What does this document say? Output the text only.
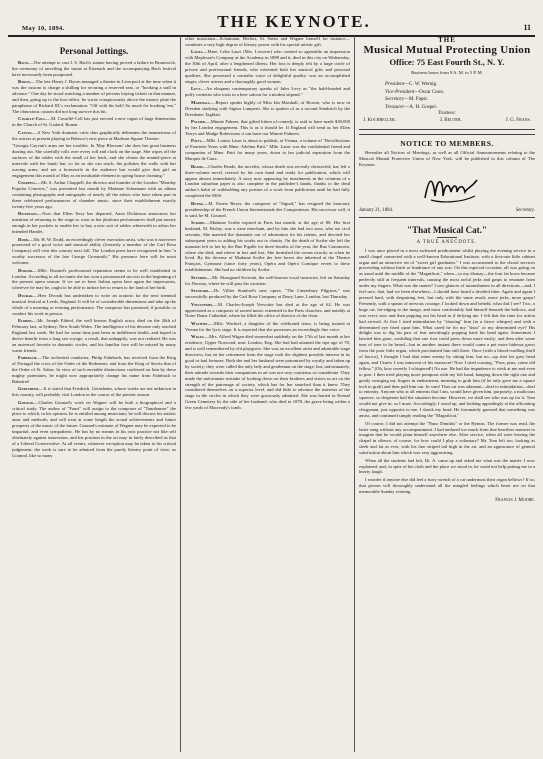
May 10, 1894.	THE KEYNOTE.	11
Personal Jottings.

Bach.—The attempt to cast J. S. Bach's statute having proved a failure in Brunswick, the ceremony of unveiling the statue at Eisenach and the accompanying Bach festival have necessarily been postponed.

Byron.—The late Henry J. Byron managed a theatre in Liverpool at the time when it was the custom to charge a shilling for securing a reserved seat, or "booking a stall in advance." One day he stood watching a number of persons buying tickets in that manner, and then, going up to the box-office, he wrote conspicuously above the money plate the paraphrase of Richard III.'s exclamation: "Off with his bob! So much for booking 'em." The obnoxious custom did not long survive this hit.

Cavaillé-Coll.—M. Cavaillé-Coll has just erected a new organ of large dimensions in the Church of St. Godard, Rouen.

Catvan.—A New York dramatic critic thus graphically delineates the mannerisms of the actress at present playing in Belasco's new piece at Madison Square Theatre:

"Georgia Cayvan's arms are her troubles. In 'May Blossom' she does her great business dusting out. She carefully rolls over every roll and clack on the stage. She wipes off the surfaces of the tables with the small of her back, and she cleans the mantel-piece at intervals with her hand; but, so far as she can reach, the polishes the walls with her waving arms; and not a housewife in the audience but would give that girl an engagement this month of May as an invaluable element in spring house cleaning."

Chappell.—Mr. S. Arthur Chappell, the director and founder of the London "Monday Popular Concerts," was presented last month by Madame Schumann with an album containing photographs and autographs of nearly all the artists who have taken part in these celebrated performances of chamber music, since their establishment exactly twenty-five years ago.

Dickinson.—Now that Ellen Terry has departed, Anna Dickinson announces her intention of returning to the stage so soon as her platform performances shall put money enough in her pockets to enable her to buy a new suit of sables wherewith to adorn her intended Hamlet.

Dodd.—Mr. H. W. Dodd, an exceedingly clever execution artist, who was it moreover possessed of a good voice and musical ability (formerly a member of the Carl Rosa Company) will visit this country next fall. The London press have recognized in him "a worthy successor of the late George Grossmith." His presence here will be most welcome.

Durand.—Mlle. Durand's professional reputation seems to be well established in London. According to all accounts she has won a pronounced success in the beginning of the present opera season. If we are to have Italian opera here again the impresarios, wherever he may be, ought to be able to induce her to return to the land of her birth.

Dvorak.—Herr Dvorak has undertaken to write an oratorio for the next triennial musical festival at Leeds, England. It will be of considerable dimensions and take up the whole of a morning or evening performance. The composer has promised, if possible, to conduct his work in person.

Eldred.—Mr. Joseph Eldred, the well known English actor, died on the 26th of February last, at Sydney, New South Wales. The intelligence of his decease only reached England last week. He had for some time past been in indifferent health, and hoped to derive benefit from a long sea voyage, a result, that unhappily, was not realized. He was an universal favorite in dramatic circles, and his familiar face will be missed by many warm friends.

Fahrbach.—The orchestral conductor, Philip Fahrbach, has received from the King of Portugal the cross of the Order of the Redeemer, and from the King of Servia that of the Order of St. Sabas. In view of such enviable distinctions conferred on him by these mighty potentates, he might now appropriately change his name from Fahrbach to Bahnfrei!

Gerusheim.—It is stated that Friedrich, Gernsheim, whose works are not unknown in this country, will probably visit London in the course of the present season.

Gounod.—Charles Gounod's work on Wagner will be both a biographical and a critical study. The author of "Faust" will assign to the composer of "Tannhauser" the place to which, in his opinion, he is entitled among musicians; he will discuss his artistic aims and methods; and will treat at some length the actual achievements and future prospects of the music of the future. Gounod's estimate of Wagner may be expected to be impartial, and even sympathetic. He has by no means in his own practice not like self obstinately against innovation, and his position in the art may in fairly described as that of a Liberal Conservative. At all events, whatever exception may be taken to his critical judgement, the work is sure to be admired from the purely literary point of view; as Gounod, like so many

other musicians—Schumann, Berlioz, St. Saens and Wagner himself for instance—combines a very high degree of literary power with his special artistic gift.

Lauri.—Mme. Lelia Lauri (Mrs. Lowerre) who created so agreeable an impression with Mapleson's Company at the Academy in 1888 and it, died in this city on Wednesday, the 30th of April, after a lengthened illness. Her loss is deeply felt by a large circle of private and professional friends, who esteemed both her musical gifts and personal qualities. She possessed a contralto voice of delightful quality; was an accomplished singer, clever actress and a thoroughly good woman.

Levy.—An eloquent contemporary speaks of Jules Levy as "the bald-headed and puffy cornetist who toots in a beer saloon for a modest stipend."

Marshall.—Report speaks highly of Miss Ida Marshall, of Boston, who is now in Dresden studying with Signor Lamperti. She is spoken of as a second Sembrich by the Dresdener Tagblatt.

Palmer.—Minnie Palmer, that gifted kitten of comedy, is said to have made $30,000 by her London engagement. This is as it should be. If England will send us her Ellen Terrys and Madge Robertsons it can have our Minnie Palmers.

Patti.—Mlle. Louise Lauw is about to publish, at Vienna, a volume of "Recollections of Fourteen Years with Mme. Adelina Patti." Mlle. Lauw was the confidential friend and companion of Mme. Patti for many years, down to her judicial separation from the Marquis de Caux.

Reade.—Charles Reade, the novelist, whose death was recently chronicled, has left a three-volume novel, revised by his own hand and ready for publication, which will appear almost immediately. A story now appearing by instalments in the columns of a London suburban paper is also complete in the publisher's hands, thanks to the dead author's habit of withholding any portion of a work from publication until he had fully completed the MSS.

Reyer.—M. Ernest Reyer, the composer of "Sigurd," has resigned the honorary presidentship of the French Union Internationale des Compositeurs. His successor will, it is said, be M. Gounod.

Scrobe.—Madame Scribe expired in Paris last month, at the age of 88. Her first husband, M. Biolay, was a wine merchant, and by him she had two sons, who are civil servants. She married the dramatist out of admiration for his talents, and devoted her subsequent years to adding his works out to charity. On the death of Scribe she left the mansion left to her by the Rue Pigalle for three-fourths of the year, the Rue Castancoin, where she died, and where in fact and lost. She furnished the rooms exactly as when he lived. By the decease of Madame Scribe the free boxes she inherited at the Theatre Français, Gymnase (since forty years), Opéra and Opéra Comique revert to these establishments. She had no children by Scribe.

Severini.—Mr. Skougaard Severini, the well-known vocal instructor, left on Saturday for Norway, where he will pass his vacation.

Stanford.—Dr. Villier Stanford's new opera, "The Canterbury Pilgrims," was successfully produced by the Carl Rosa Company at Drury Lane, London, last Thursday.

Vieuxtemps.—M. Charles-Joseph Vervoitte has died at the age of 62. He was appreciated as a composer of sacred music esteemed in the Paris churches, and notably at Notre Dame Cathedral, where he filled the office of director of the choir.

Wachtel.—Mile. Wachtel, a daughter of the celebrated tenor, is being trained at Vienna for the lyric stage. It is reported that she possesses an exceedingly fine voice.

Wigan.—Mrs. Alfred Wigan died somewhat suddenly on the 17th of last month at her residence, Upper Norwood, near London, Eng. She had had attained the ripe age of 78, and is well remembered by old playgoers. She was an excellent artist and admirable stage directress, but on her retirement from the stage took the slightest possible interest in its good or bad fortunes. Both she and her husband were patronized by royalty and taken up by society; they were called the only lady and gentleman on the stage; but, unfortunately, their attitude towards their companions in art was not very courteous or considerate. They made the unfortunate mistake of looking down on their brothers and sisters in art on the strength of the patronage of society, which has for her snatched than it knew. They considered themselves on a superior level, and did little to advance the interests of the stage in the circles in which they were graciously admitted. She was buried in Kensal Green Cemetery by the side of her husband, who died in 1878, the grave being within a few yards of Macready's tomb.

THE
Musical Mutual Protecting Union
Office: 75 East Fourth St., N. Y.
Business hours from 9 A. M. to 5 P. M.
President—C. W. Wernig.
Vice-President—Oscar Coon.
Secretary—M. Papst.
Treasurer—A. H. Gospel.
Trustees:
J. Kochbeller.	J. Beuter.	J. G. Frans.
NOTICE TO MEMBERS.
Hereafter all Notices of Meetings, as well as all Official Announcements relating to the Musical Mutual Protective Union of New York, will be published in this column of The Keynote.
January 21, 1884.	Secretary.
"That Musical Cat."
A TRUE ANECDOTE.

I was once placed in a most awkward predicament whilst playing the evening service in a small chapel connected with a well-known Educational Institute, with a first-rate little cabinet organ and an attractive set of "sweet girl graduates." I was accustomed to the choral services proceeding without hitch or hindrance of any sort. On this especial occasion, all was going on as usual until the middle of the "Magnificat," when—to my dismay—the four fat bows became perfectly stiff at frequent intervals, causing the most awful jerks and gasps to emanate from under my fingers. What was the matter? I saw glances of astonishment in all directions—and, I feel sure, that, had we been elsewhere—I should have heard a decided titter. Again and again I pressed hard, with despairing feet, but only with the same result; more jerks, more gasps! Presently, with a spasm of nervous courage, I looked down and beheld, what did I see? Two, a huge cat, fat-edging to the image, and most comfortably had himself beneath the bellows, and was every now and then popping out his head as if defying me. I felt that the time for action had arrived. At first I tried intimidation by "shooing" him (in a fierce whisper) and with a determined eye fixed upon him. What cared he for my "shoo" or my determined eye? His delight was to dig his paw of fear unwittingly popping back his head again. Sometimes I lancied him gone, confiding that one foot could press down more easily; and then after some tens of tone to be heard—but in another instant there would come a pet more hideous gross from the poor little organ, which proclaimed him still there. Once (with a blood-curdling thrill of horror), I thought I had shut mine enemy by sitting him, but no—up shot his grey head again, and I knew I was innocent of his massacre! Now I tried coaxing, "Puss, puss, come old fellow," (Oh, how sweetly I whispered!) No use. He had the impudence to wink at me and even to purr. I then tried playing more pompous with my left hand, hanging down the right one and gently swinging my fingers in endearment, meaning to grab him (if he only gave me a square inch to grab) and then pull him out. In vain! That cat was adamant—deaf to intimidation—deaf to entreaty. Anyone who at all entreats that I am, would have given him, purposely, a malicious squeeze, so desperate had the situation become. However, we shall see who was up for it. Tom would not give in, so I must. Accordingly, I stood up, and looking appealingly at the officiating clergyman, just opposite to me, I shook my head. He fortunately guessed that something was amiss, and continued simply reading the "Magnificat."

Of course, I did not attempt the "Nunc Dimittis" or the Hymns. The former was read, the latter sung without any accompaniment. I had endured too much from that heartless monster to imagine that he would plant himself anywhere else. After service, when all were leaving the chapel in silence, of course, for how could I play a voluntary? Mr. Tom left too, looking as sleek and fat as ever, with his fine striped tail high in the air, and an appearance of general satisfaction about him which was very aggravating.

When all the students had left, Dr. A. came up and asked me what was the matter. I now explained, and, in spite of his cloth and the place we stood in, he could not help patting me in a hearty laugh.

I wonder if anyone else did feel a furry wretch of a cat undermost their organ bellows? If so, that person will thoroughly understand all the mingled feelings which beset me on that memorable Sunday evening.

Francis J. Moore.
